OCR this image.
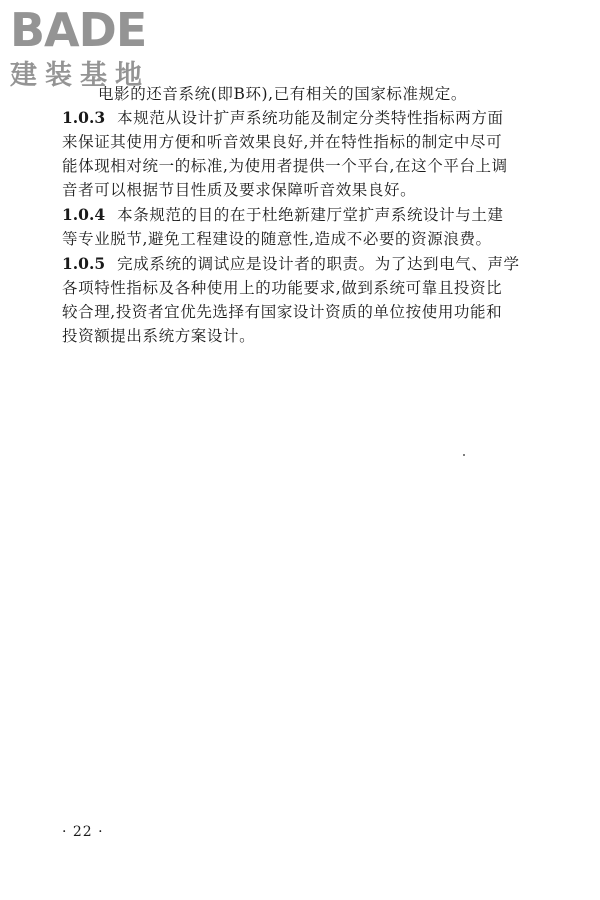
BADE
建装基地
电影的还音系统(即B环),已有相关的国家标准规定。
1.0.3 本规范从设计扩声系统功能及制定分类特性指标两方面
来保证其使用方便和听音效果良好,并在特性指标的制定中尽可
能体现相对统一的标准,为使用者提供一个平台,在这个平台上调
音者可以根据节目性质及要求保障听音效果良好。
1.0.4 本条规范的目的在于杜绝新建厅堂扩声系统设计与土建
等专业脱节,避免工程建设的随意性,造成不必要的资源浪费。
1.0.5 完成系统的调试应是设计者的职责。为了达到电气、声学
各项特性指标及各种使用上的功能要求,做到系统可靠且投资比
较合理,投资者宜优先选择有国家设计资质的单位按使用功能和
投资额提出系统方案设计。
· 22 ·
